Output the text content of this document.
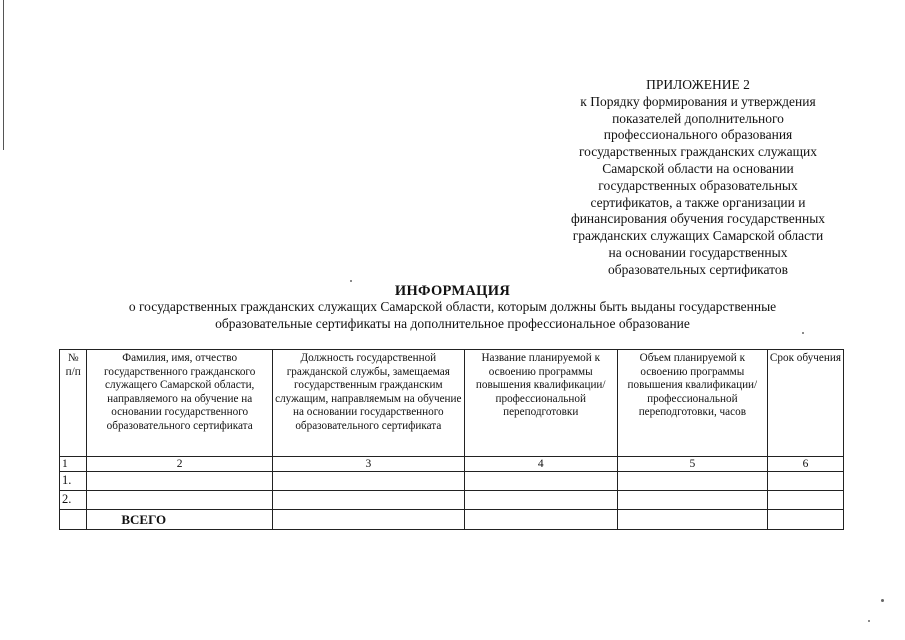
ПРИЛОЖЕНИЕ 2
к Порядку формирования и утверждения
показателей дополнительного
профессионального образования
государственных гражданских служащих
Самарской области на основании
государственных образовательных
сертификатов, а также организации и
финансирования обучения государственных
гражданских служащих Самарской области
на основании государственных
образовательных сертификатов
ИНФОРМАЦИЯ
о государственных гражданских служащих Самарской области, которым должны быть выданы государственные
образовательные сертификаты на дополнительное профессиональное образование
№ п/п	Фамилия, имя, отчество государственного гражданского служащего Самарской области, направляемого на обучение на основании государственного образовательного сертификата	Должность государственной гражданской службы, замещаемая государственным гражданским служащим, направляемым на обучение на основании государственного образовательного сертификата	Название планируемой к освоению программы повышения квалификации/ профессиональной переподготовки	Объем планируемой к освоению программы повышения квалификации/ профессиональной переподготовки, часов	Срок обучения
1	2	3	4	5	6
1.					
2.					
	ВСЕГО				
